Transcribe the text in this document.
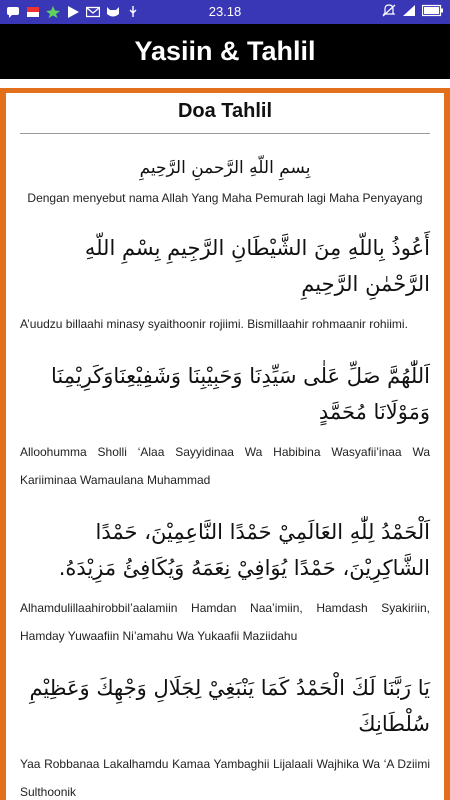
23.18
Yasiin & Tahlil
Doa Tahlil
بِسمِ اللّهِ الرَّحمنِ الرَّحِيمِ
Dengan menyebut nama Allah Yang Maha Pemurah lagi Maha Penyayang
أَعُوذُ بِاللّهِ مِنَ الشَّيْطَانِ الرَّجِيمِ بِسْمِ اللّهِ الرَّحْمٰنِ الرَّحِيمِ
A’uudzu billaahi minasy syaithoonir rojiimi. Bismillaahir rohmaanir rohiimi.
اَللّٰهُمَّ صَلِّ عَلٰى سَيِّدِنَا وَحَبِيْبِنَا وَشَفِيْعِنَاوَكَرِيْمِنَا وَمَوْلَانَا مُحَمَّدٍ
Alloohumma Sholli ‘Alaa Sayyidinaa Wa Habibina Wasyafii’inaa Wa Kariiminaa Wamaulana Muhammad
اَلْحَمْدُ لِلّٰهِ العَالَمِيْ حَمْدًا النَّاعِمِيْنَ، حَمْدًا الشَّاكِرِيْنَ، حَمْدًا يُوَافِيْ نِعَمَهُ وَيُكَافِئُ مَزِيْدَهُ.
Alhamdulillaahirobbil’aalamiin Hamdan Naa’imiin, Hamdash Syakiriin, Hamday Yuwaafiin Ni’amahu Wa Yukaafii Maziidahu
يَا رَبَّنَا لَكَ الْحَمْدُ كَمَا يَنْبَغِيْ لِجَلَالِ وَجْهِكَ وَعَظِيْمِ سُلْطَانِكَ
Yaa Robbanaa Lakalhamdu Kamaa Yambaghii Lijalaali Wajhika Wa ‘A Dziimi Sulthoonik
